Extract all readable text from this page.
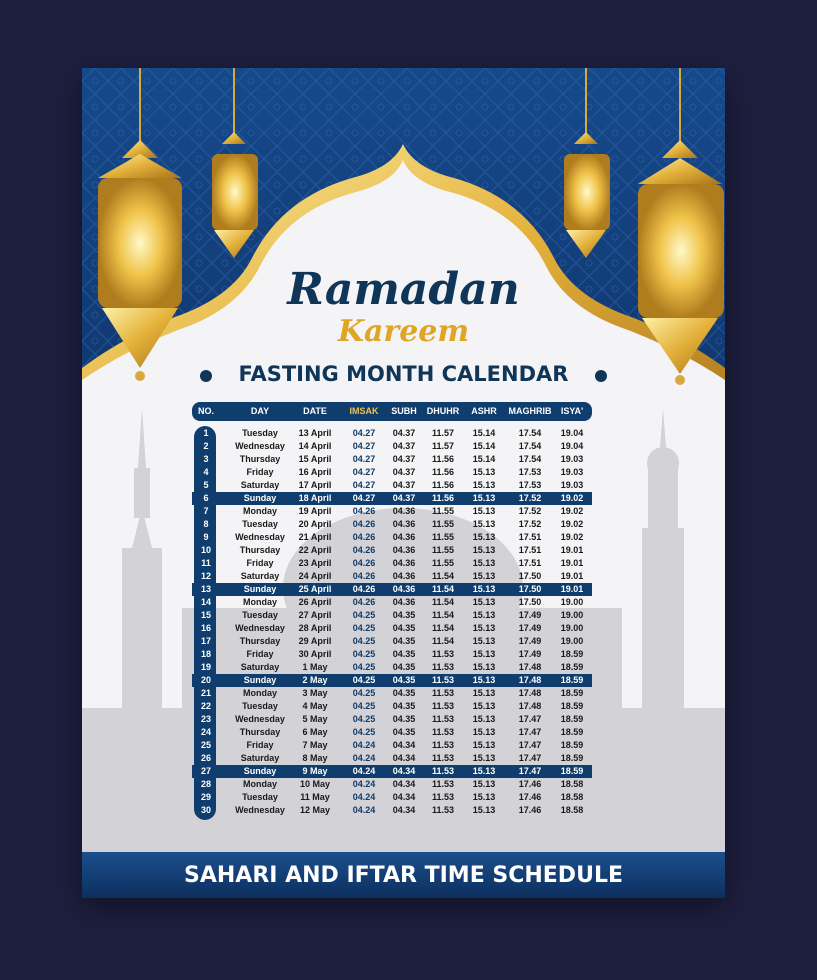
Ramadan
Kareem
FASTING MONTH CALENDAR
NO.	DAY	DATE	IMSAK SUBH DHUHR ASHR MAGHRIB ISYA'
1	Tuesday 13 April 04.27 04.37 11.57 15.14	17.54 19.04
2	Wednesday 14 April 04.27 04.37 11.57 15.14	17.54 19.04
3	Thursday 15 April 04.27 04.37 11.56 15.14	17.54 19.03
4	Friday	16 April 04.27 04.37 11.56 15.13	17.53 19.03
5	Saturday 17 April 04.27 04.37 11.56 15.13	17.53 19.03
6	Sunday 18 April 04.27 04.37 11.56 15.13	17.52 19.02
7	Monday 19 April 04.26 04.36 11.55 15.13	17.52 19.02
8	Tuesday 20 April 04.26 04.36 11.55 15.13	17.52 19.02
9	Wednesday 21 April 04.26 04.36 11.55 15.13	17.51 19.02
10	Thursday 22 April 04.26 04.36 11.55 15.13	17.51 19.01
11	Friday	23 April 04.26 04.36 11.55 15.13	17.51 19.01
12	Saturday 24 April 04.26 04.36 11.54 15.13	17.50 19.01
13	Sunday 25 April 04.26 04.36 11.54 15.13	17.50 19.01
14	Monday 26 April 04.26 04.36 11.54 15.13	17.50 19.00
15	Tuesday 27 April 04.25 04.35 11.54 15.13	17.49 19.00
16	Wednesday 28 April 04.25 04.35 11.54 15.13	17.49 19.00
17	Thursday 29 April 04.25 04.35 11.54 15.13	17.49 19.00
18	Friday	30 April 04.25 04.35 11.53 15.13	17.49 18.59
19	Saturday	1 May	04.25 04.35 11.53 15.13	17.48 18.59
20	Sunday	2 May	04.25 04.35 11.53 15.13	17.48 18.59
21	Monday	3 May	04.25 04.35 11.53 15.13	17.48 18.59
22	Tuesday	4 May	04.25 04.35 11.53 15.13	17.48 18.59
23	Wednesday 5 May	04.25 04.35 11.53 15.13	17.47 18.59
24	Thursday 6 May	04.25 04.35 11.53 15.13	17.47 18.59
25	Friday	7 May	04.24 04.34 11.53 15.13	17.47 18.59
26	Saturday	8 May	04.24 04.34 11.53 15.13	17.47 18.59
27	Sunday	9 May	04.24 04.34 11.53 15.13	17.47 18.59
28	Monday	10 May	04.24 04.34 11.53 15.13	17.46 18.58
29	Tuesday 11 May	04.24 04.34 11.53 15.13	17.46 18.58
30	Wednesday 12 May	04.24 04.34 11.53 15.13	17.46 18.58
SAHARI AND IFTAR TIME SCHEDULE
